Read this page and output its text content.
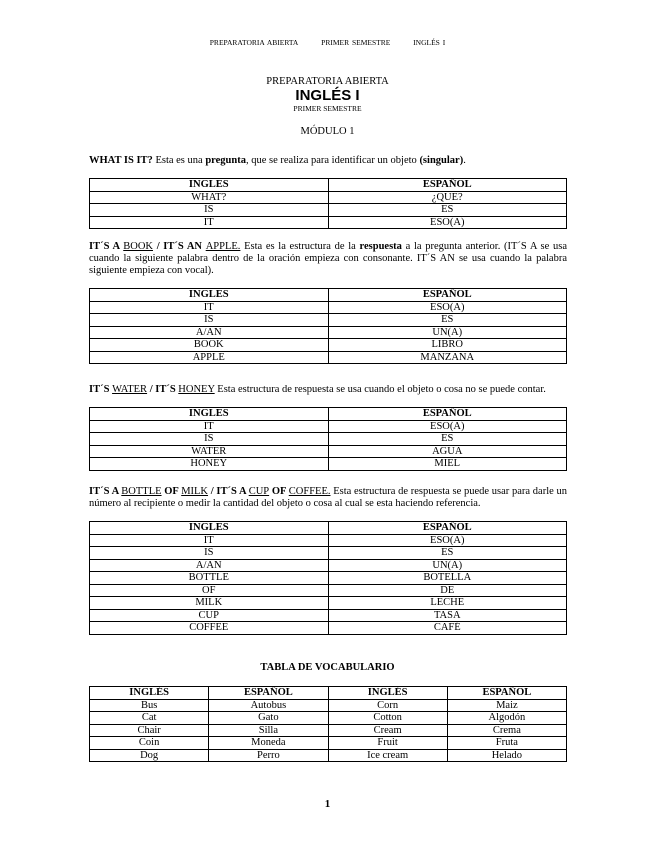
PREPARATORIA ABIERTA	PRIMER SEMESTRE	INGLÉS I
PREPARATORIA ABIERTA
INGLÉS I
PRIMER SEMESTRE
MÓDULO 1

WHAT IS IT? Esta es una pregunta, que se realiza para identificar un objeto (singular).

INGLES	ESPAÑOL
WHAT?	¿QUE?
IS	ES
IT	ESO(A)

IT´S A BOOK / IT´S AN APPLE. Esta es la estructura de la respuesta a la pregunta anterior. (IT´S A se usa cuando la siguiente palabra dentro de la oración empieza con consonante. IT´S AN se usa cuando la palabra siguiente empieza con vocal).

INGLES	ESPAÑOL
IT	ESO(A)
IS	ES
A/AN	UN(A)
BOOK	LIBRO
APPLE	MANZANA

IT´S WATER / IT´S HONEY Esta estructura de respuesta se usa cuando el objeto o cosa no se puede contar.

INGLES	ESPAÑOL
IT	ESO(A)
IS	ES
WATER	AGUA
HONEY	MIEL

IT´S A BOTTLE OF MILK / IT´S A CUP OF COFFEE. Esta estructura de respuesta se puede usar para darle un número al recipiente o medir la cantidad del objeto o cosa al cual se esta haciendo referencia.

INGLES	ESPAÑOL
IT	ESO(A)
IS	ES
A/AN	UN(A)
BOTTLE	BOTELLA
OF	DE
MILK	LECHE
CUP	TASA
COFFEE	CAFÉ
TABLA DE VOCABULARIO
INGLÉS	ESPAÑOL	INGLÉS	ESPAÑOL
Bus	Autobus	Corn	Maiz
Cat	Gato	Cotton	Algodón
Chair	Silla	Cream	Crema
Coin	Moneda	Fruit	Fruta
Dog	Perro	Ice cream	Helado
1
